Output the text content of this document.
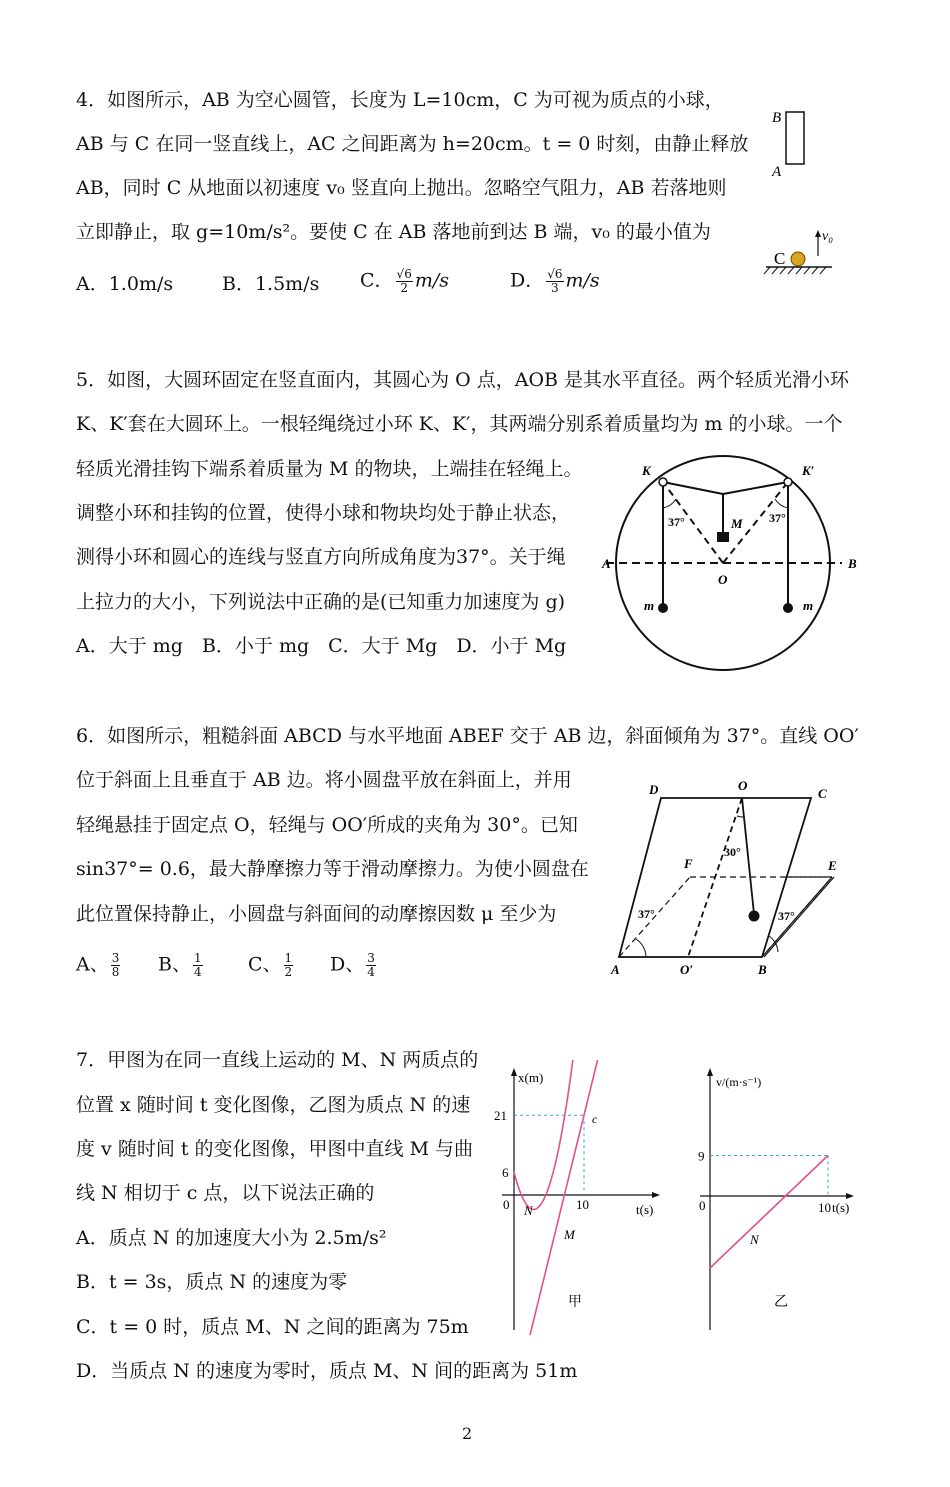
4．如图所示，AB 为空心圆管，长度为 L=10cm，C 为可视为质点的小球，
AB 与 C 在同一竖直线上，AC 之间距离为 h=20cm。t = 0 时刻，由静止释放
AB，同时 C 从地面以初速度 v₀ 竖直向上抛出。忽略空气阻力，AB 若落地则
立即静止，取 g=10m/s²。要使 C 在 AB 落地前到达 B 端，v₀ 的最小值为
A．1.0m/s	B．1.5m/s C． $\frac{√6}{2} m/s$	D． $\frac{√6}{3} m/s$
B
A
C
v₀
5．如图，大圆环固定在竖直面内，其圆心为 O 点，AOB 是其水平直径。两个轻质光滑小环
K、K′套在大圆环上。一根轻绳绕过小环 K、K′，其两端分别系着质量均为 m 的小球。一个
轻质光滑挂钩下端系着质量为 M 的物块，上端挂在轻绳上。
调整小环和挂钩的位置，使得小球和物块均处于静止状态，
测得小环和圆心的连线与竖直方向所成角度为37°。关于绳
上拉力的大小，下列说法中正确的是(已知重力加速度为 g)
A．大于 mg　B．小于 mg　C．大于 Mg　D．小于 Mg
K	K′
A	B
O
M
m	m
37°	37°
6．如图所示，粗糙斜面 ABCD 与水平地面 ABEF 交于 AB 边，斜面倾角为 37°。直线 OO′
位于斜面上且垂直于 AB 边。将小圆盘平放在斜面上，并用
轻绳悬挂于固定点 O，轻绳与 OO′所成的夹角为 30°。已知
sin37°= 0.6，最大静摩擦力等于滑动摩擦力。为使小圆盘在
此位置保持静止，小圆盘与斜面间的动摩擦因数 μ 至少为
A、 $\frac{3}{8}$ B、 $\frac{1}{4}$ C、 $\frac{1}{2}$ D、 $\frac{3}{4}$
D	O
C
F	E
A	O′	B
30°
37°	37°
7．甲图为在同一直线上运动的 M、N 两质点的
位置 x 随时间 t 变化图像，乙图为质点 N 的速
度 v 随时间 t 的变化图像，甲图中直线 M 与曲
线 N 相切于 c 点，以下说法正确的
A．质点 N 的加速度大小为 2.5m/s²
B．t = 3s，质点 N 的速度为零
C．t = 0 时，质点 M、N 之间的距离为 75m
D．当质点 N 的速度为零时，质点 M、N 间的距离为 51m
x(m)
t(s)
0	10
6
21	c
N
M
甲
v/(m·s⁻¹)
t(s)
0	10
9
N
乙
2
